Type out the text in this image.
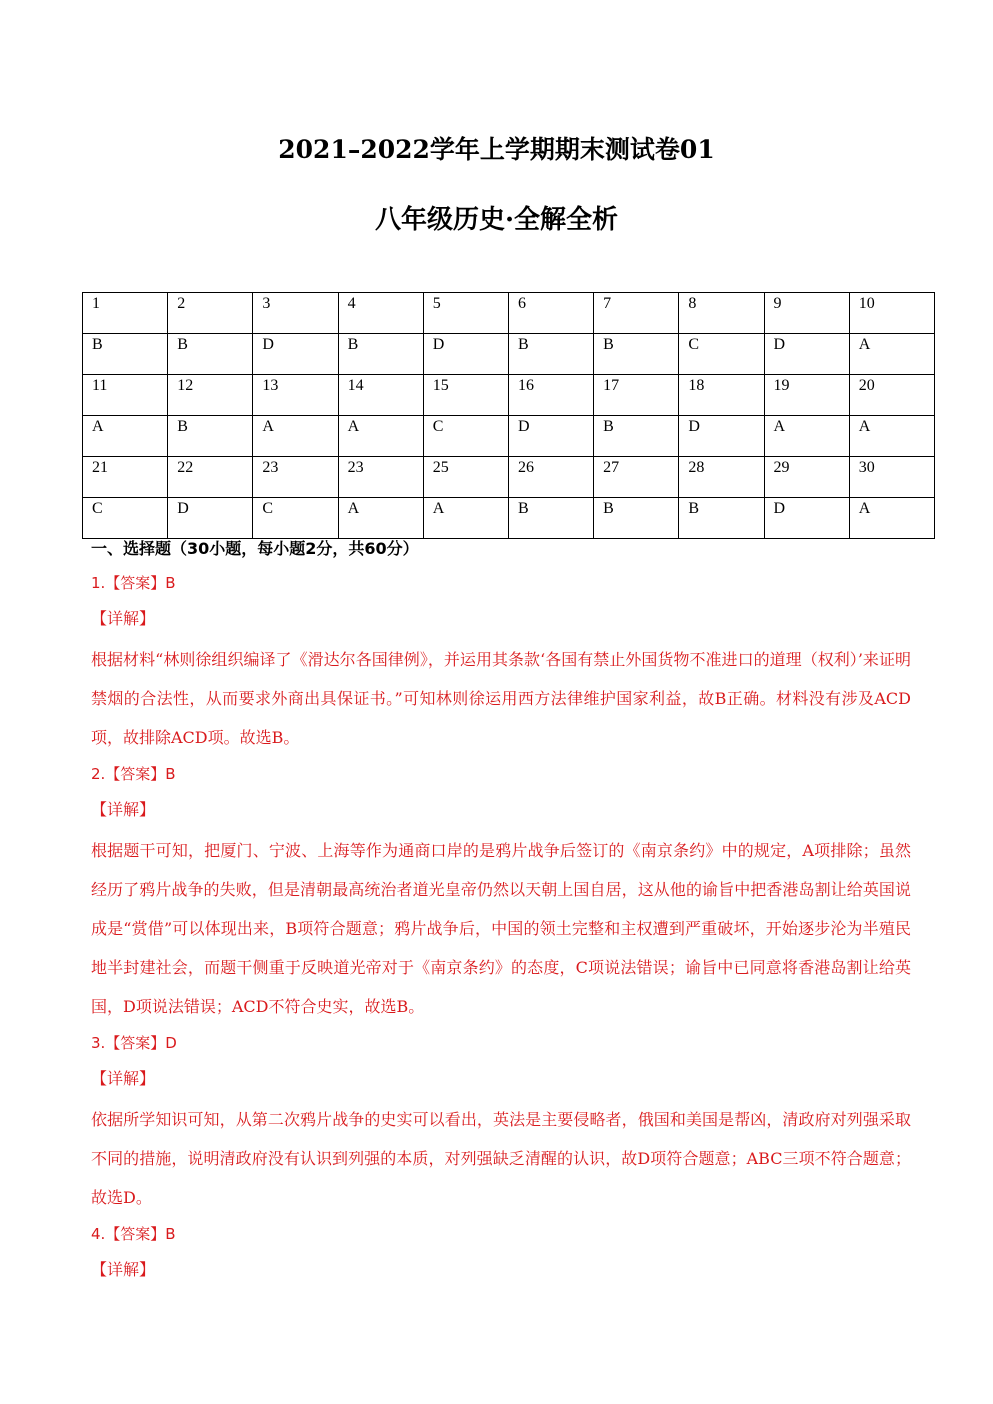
2021–2022学年上学期期末测试卷01
八年级历史·全解全析
1	2	3	4	5	6	7	8	9	10
B	B	D	B	D	B	B	C	D	A
11	12	13	14	15	16	17	18	19	20
A	B	A	A	C	D	B	D	A	A
21	22	23	23	25	26	27	28	29	30
C	D	C	A	A	B	B	B	D	A
一、选择题（30小题，每小题2分，共60分）
1.【答案】B
【详解】
根据材料“林则徐组织编译了《滑达尔各国律例》，并运用其条款‘各国有禁止外国货物不准进口的道理（权利）’来证明禁烟的合法性，从而要求外商出具保证书。”可知林则徐运用西方法律维护国家利益，故B正确。材料没有涉及ACD项，故排除ACD项。故选B。
2.【答案】B
【详解】
根据题干可知，把厦门、宁波、上海等作为通商口岸的是鸦片战争后签订的《南京条约》中的规定，A项排除；虽然经历了鸦片战争的失败，但是清朝最高统治者道光皇帝仍然以天朝上国自居，这从他的谕旨中把香港岛割让给英国说成是“赏借”可以体现出来，B项符合题意；鸦片战争后，中国的领土完整和主权遭到严重破坏，开始逐步沦为半殖民地半封建社会，而题干侧重于反映道光帝对于《南京条约》的态度，C项说法错误；谕旨中已同意将香港岛割让给英国，D项说法错误；ACD不符合史实，故选B。
3.【答案】D
【详解】
依据所学知识可知，从第二次鸦片战争的史实可以看出，英法是主要侵略者，俄国和美国是帮凶，清政府对列强采取不同的措施，说明清政府没有认识到列强的本质，对列强缺乏清醒的认识，故D项符合题意；ABC三项不符合题意；故选D。
4.【答案】B
【详解】
